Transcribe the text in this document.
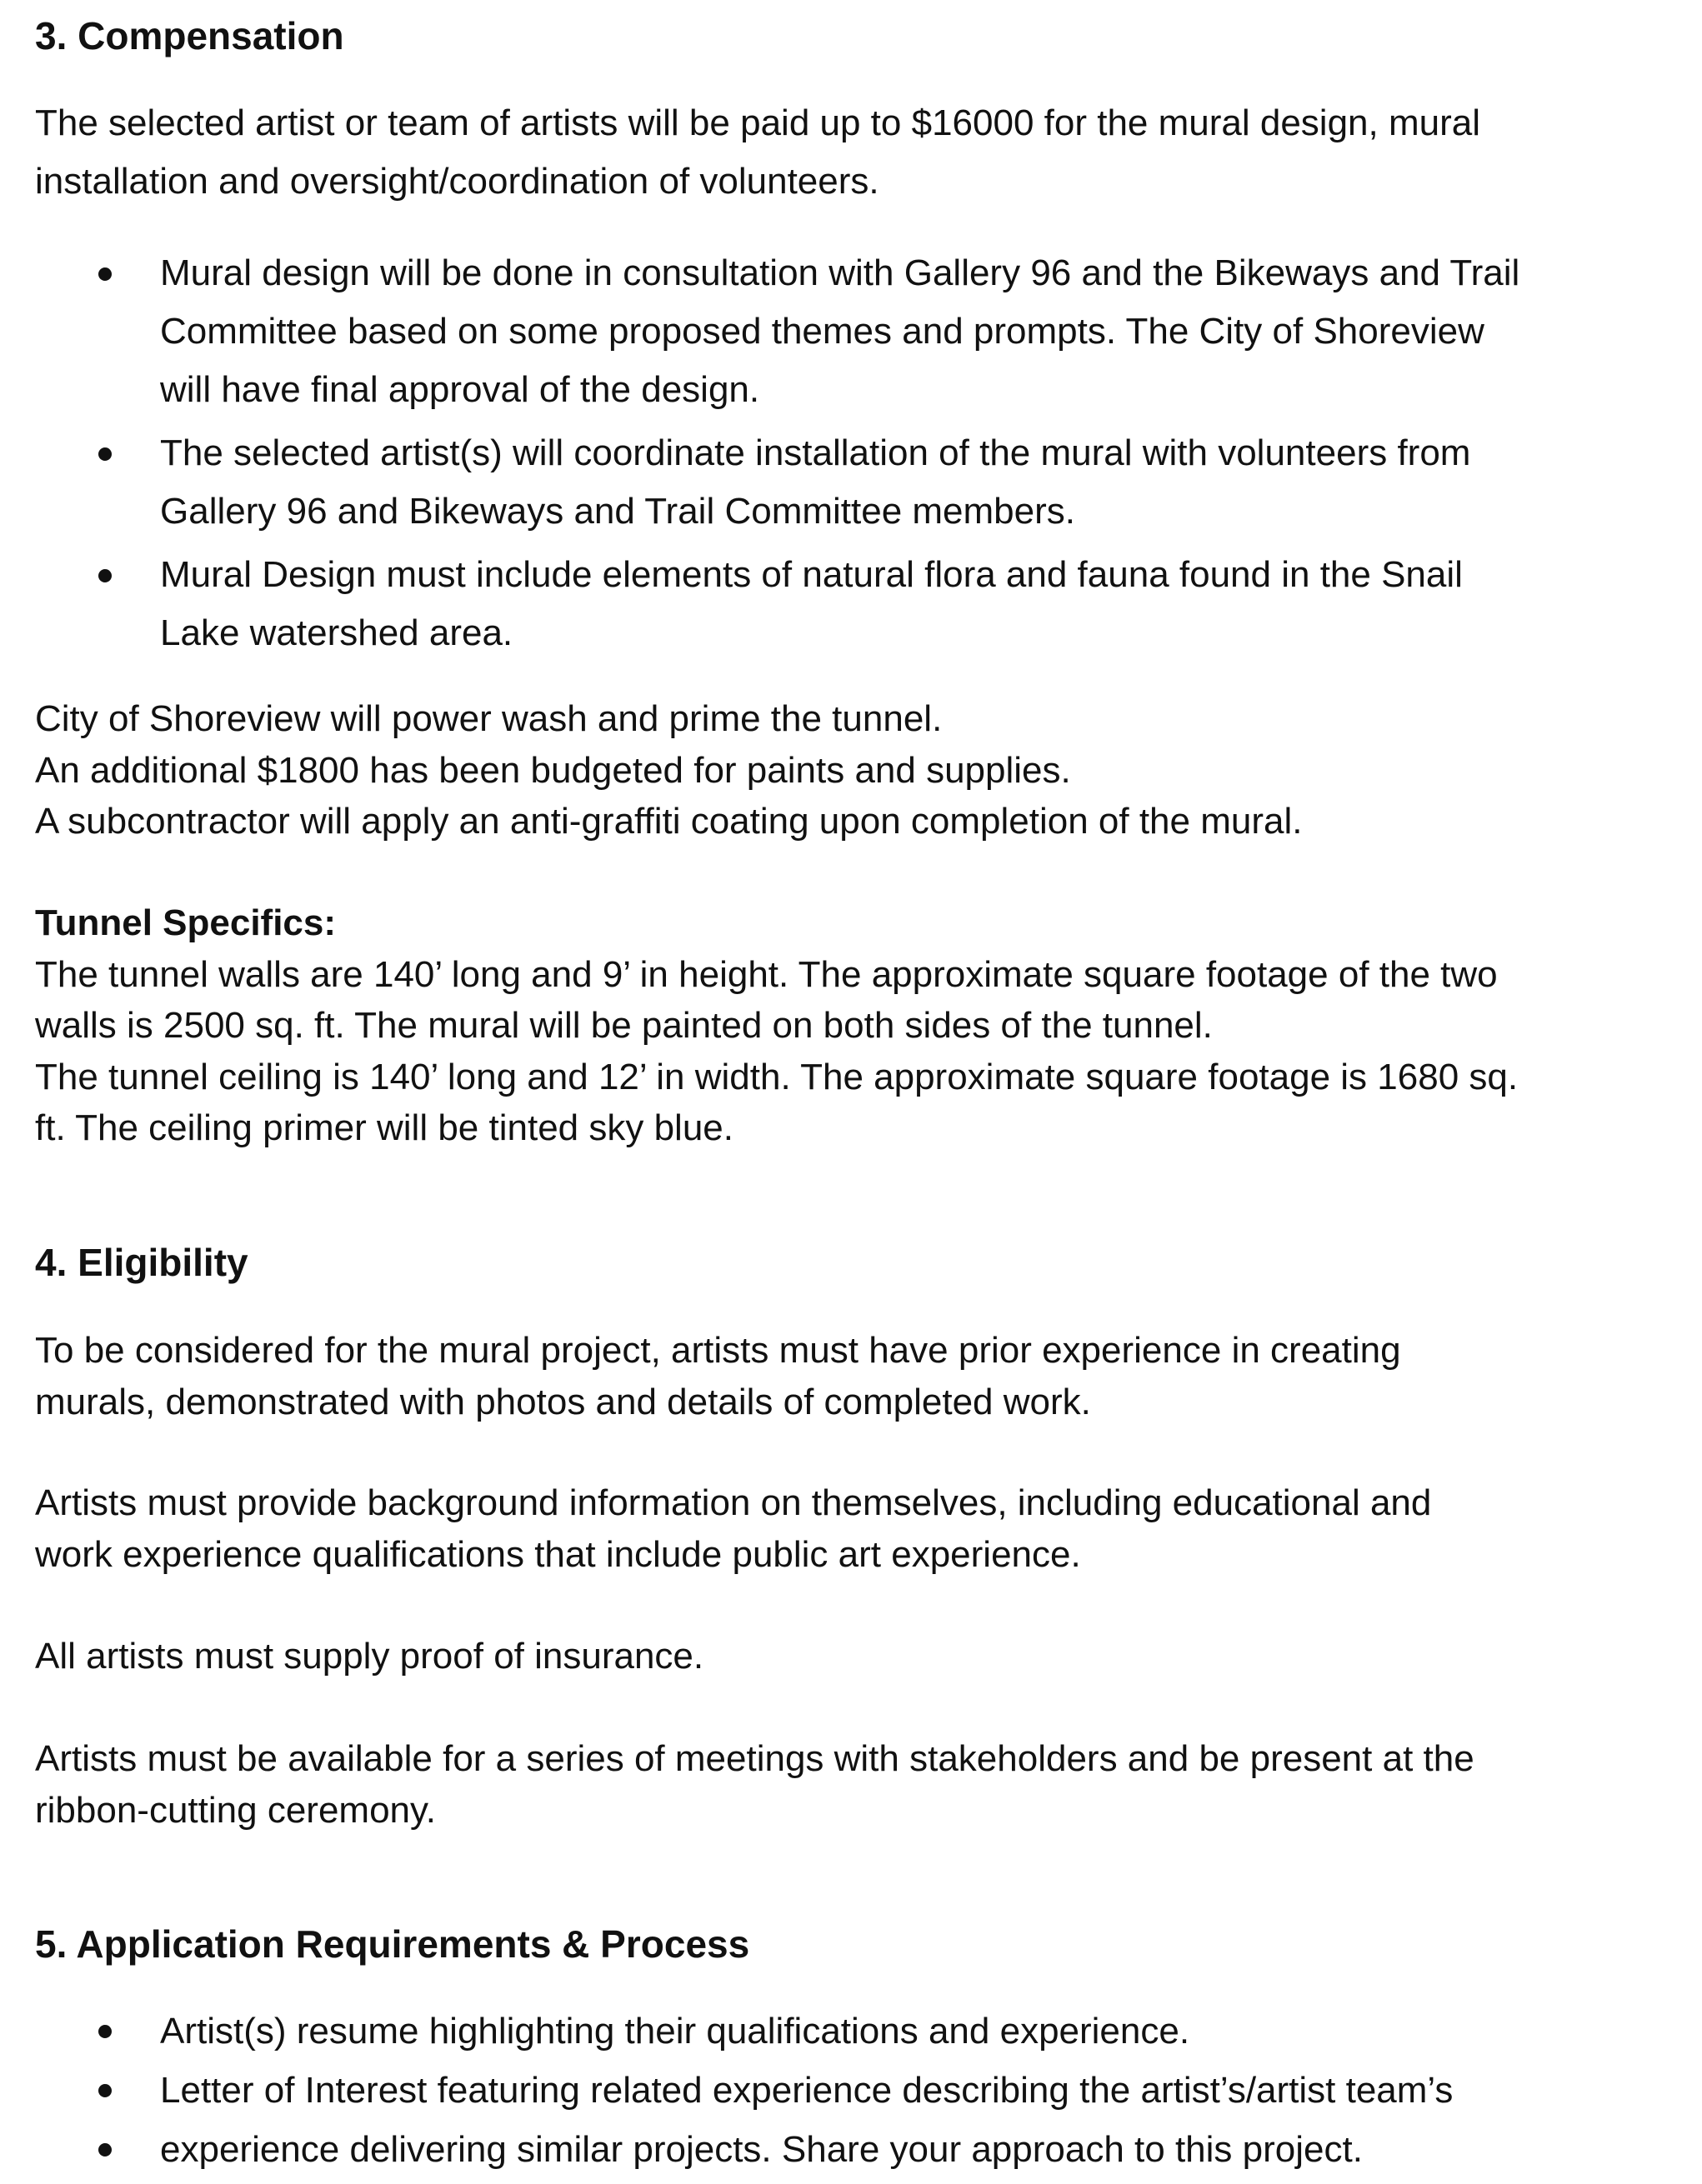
3. Compensation

The selected artist or team of artists will be paid up to $16000 for the mural design, mural
installation and oversight/coordination of volunteers.

Mural design will be done in consultation with Gallery 96 and the Bikeways and Trail
Committee based on some proposed themes and prompts. The City of Shoreview
will have final approval of the design.
The selected artist(s) will coordinate installation of the mural with volunteers from
Gallery 96 and Bikeways and Trail Committee members.
Mural Design must include elements of natural flora and fauna found in the Snail
Lake watershed area.

City of Shoreview will power wash and prime the tunnel.
An additional $1800 has been budgeted for paints and supplies.
A subcontractor will apply an anti-graffiti coating upon completion of the mural.

Tunnel Specifics:
The tunnel walls are 140’ long and 9’ in height. The approximate square footage of the two
walls is 2500 sq. ft. The mural will be painted on both sides of the tunnel.
The tunnel ceiling is 140’ long and 12’ in width. The approximate square footage is 1680 sq.
ft. The ceiling primer will be tinted sky blue.

4. Eligibility

To be considered for the mural project, artists must have prior experience in creating
murals, demonstrated with photos and details of completed work.

Artists must provide background information on themselves, including educational and
work experience qualifications that include public art experience.

All artists must supply proof of insurance.

Artists must be available for a series of meetings with stakeholders and be present at the
ribbon-cutting ceremony.

5. Application Requirements & Process
Artist(s) resume highlighting their qualifications and experience.
Letter of Interest featuring related experience describing the artist’s/artist team’s
experience delivering similar projects. Share your approach to this project.
